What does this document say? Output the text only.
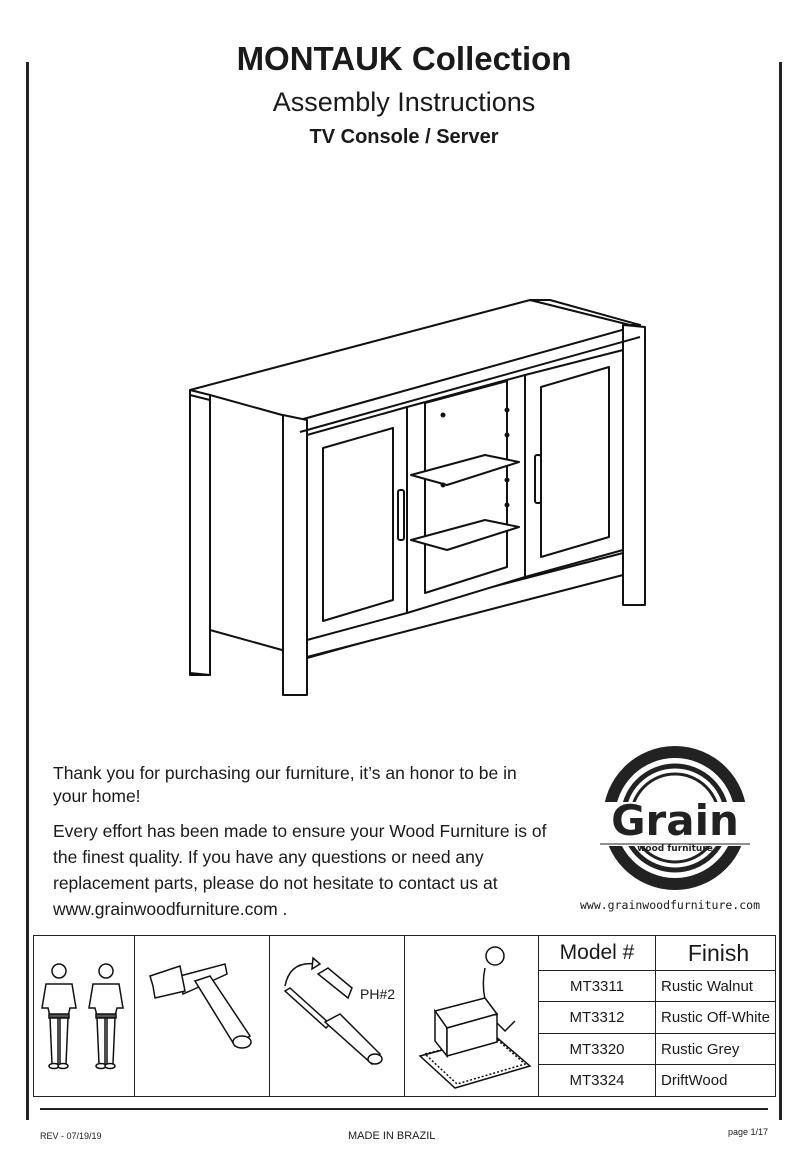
MONTAUK Collection
Assembly Instructions
TV Console / Server

Thank you for purchasing our furniture, it’s an honor to be in your home!

Every effort has been made to ensure your Wood Furniture is of the finest quality. If you have any questions or need any replacement parts, please do not hesitate to contact us at www.grainwoodfurniture.com .

Grain
wood furniture
www.grainwoodfurniture.com
PH#2
Model #	Finish
MT3311	Rustic Walnut
MT3312	Rustic Off-White
MT3320	Rustic Grey
MT3324	DriftWood
REV - 07/19/19	MADE IN BRAZIL	page 1/17
